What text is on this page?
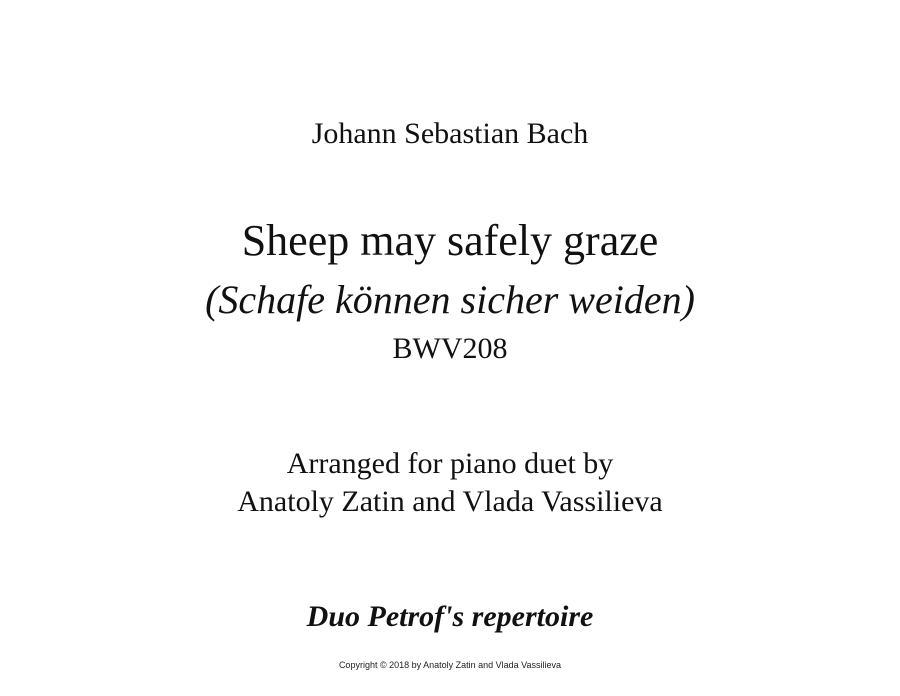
Johann Sebastian Bach
Sheep may safely graze
(Schafe können sicher weiden)
BWV208
Arranged for piano duet by
Anatoly Zatin and Vlada Vassilieva
Duo Petrof's repertoire
Copyright © 2018 by Anatoly Zatin and Vlada Vassilieva
